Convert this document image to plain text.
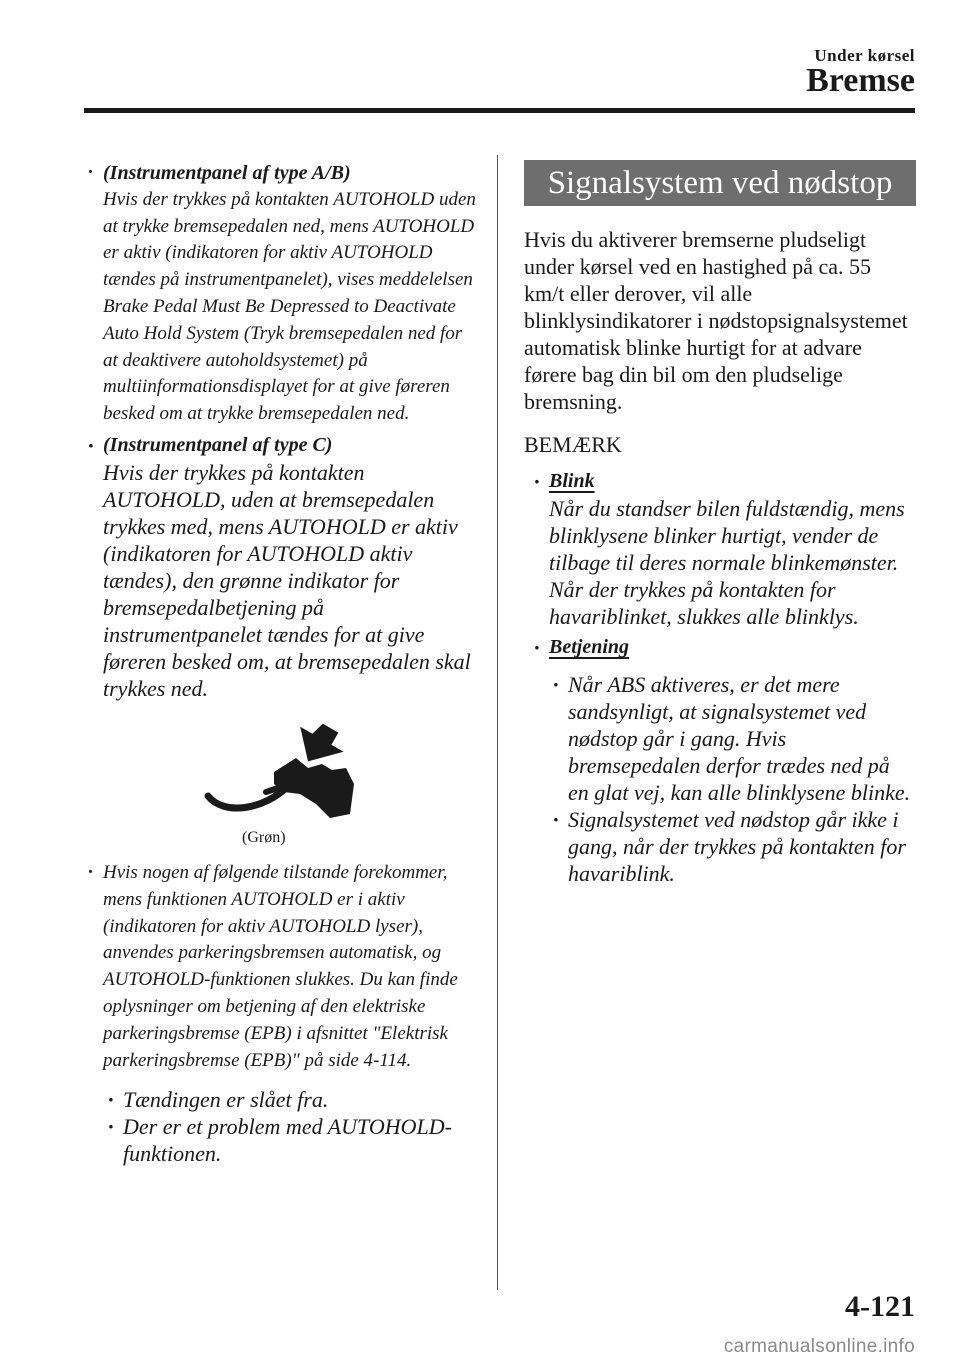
Under kørsel
Bremse
· (Instrumentpanel af type A/B)
Hvis der trykkes på kontakten AUTOHOLD uden at trykke bremsepedalen ned, mens AUTOHOLD er aktiv (indikatoren for aktiv AUTOHOLD tændes på instrumentpanelet), vises meddelelsen Brake Pedal Must Be Depressed to Deactivate Auto Hold System (Tryk bremsepedalen ned for at deaktivere autoholdsystemet) på multiinformationsdisplayet for at give føreren besked om at trykke bremsepedalen ned.
· (Instrumentpanel af type C)
Hvis der trykkes på kontakten AUTOHOLD, uden at bremsepedalen trykkes med, mens AUTOHOLD er aktiv (indikatoren for AUTOHOLD aktiv tændes), den grønne indikator for bremsepedalbetjening på instrumentpanelet tændes for at give føreren besked om, at bremsepedalen skal trykkes ned.
(Grøn)
· Hvis nogen af følgende tilstande forekommer, mens funktionen AUTOHOLD er i aktiv (indikatoren for aktiv AUTOHOLD lyser), anvendes parkeringsbremsen automatisk, og AUTOHOLD-funktionen slukkes. Du kan finde oplysninger om betjening af den elektriske parkeringsbremse (EPB) i afsnittet "Elektrisk parkeringsbremse (EPB)" på side 4-114.
· Tændingen er slået fra.
· Der er et problem med AUTOHOLD-funktionen.
Signalsystem ved nødstop
Hvis du aktiverer bremserne pludseligt under kørsel ved en hastighed på ca. 55 km/t eller derover, vil alle blinklysindikatorer i nødstopsignalsystemet automatisk blinke hurtigt for at advare førere bag din bil om den pludselige bremsning.
BEMÆRK
· Blink
Når du standser bilen fuldstændig, mens blinklysene blinker hurtigt, vender de tilbage til deres normale blinkemønster. Når der trykkes på kontakten for havariblinket, slukkes alle blinklys.
· Betjening
· Når ABS aktiveres, er det mere sandsynligt, at signalsystemet ved nødstop går i gang. Hvis bremsepedalen derfor trædes ned på en glat vej, kan alle blinklysene blinke.
· Signalsystemet ved nødstop går ikke i gang, når der trykkes på kontakten for havariblink.
4-121
carmanualsonline.info
